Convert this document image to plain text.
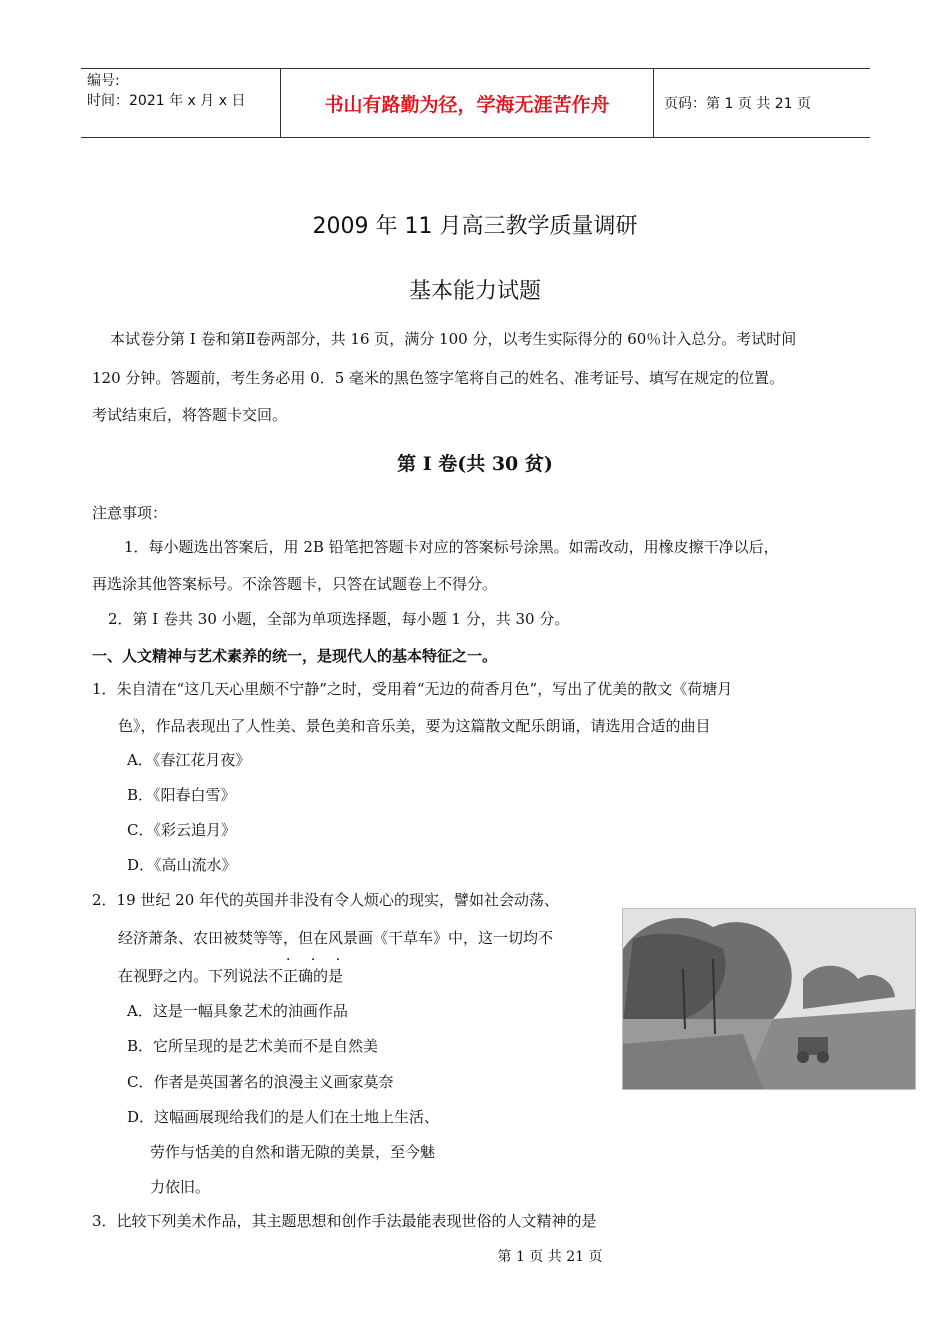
编号:
时间：2021 年 x 月 x 日	书山有路勤为径，学海无涯苦作舟	页码：第 1 页 共 21 页
2009 年 11 月高三教学质量调研
基本能力试题
本试卷分第 I 卷和第Ⅱ卷两部分，共 16 页，满分 100 分，以考生实际得分的 60％计入总分。考试时间
120 分钟。答题前，考生务必用 0．5 毫米的黑色签字笔将自己的姓名、准考证号、填写在规定的位置。
考试结束后，将答题卡交回。
第 I 卷(共 30 贫)
注意事项：
1．每小题选出答案后，用 2B 铅笔把答题卡对应的答案标号涂黑。如需改动，用橡皮擦干净以后，
再选涂其他答案标号。不涂答题卡，只答在试题卷上不得分。
2．第 I 卷共 30 小题，全部为单项选择题，每小题 1 分，共 30 分。
一、人文精神与艺术素养的统一，是现代人的基本特征之一。
1．朱自清在“这几天心里颇不宁静”之时，受用着“无边的荷香月色”，写出了优美的散文《荷塘月
色》，作品表现出了人性美、景色美和音乐美，要为这篇散文配乐朗诵，请选用合适的曲目
A．《春江花月夜》
B．《阳春白雪》
C．《彩云追月》
D．《高山流水》
2．19 世纪 20 年代的英国并非没有令人烦心的现实，譬如社会动荡、
经济萧条、农田被焚等等，但在风景画《干草车》中，这一切均不
· · ·
在视野之内。下列说法不正确的是
A．这是一幅具象艺术的油画作品
B．它所呈现的是艺术美而不是自然美
C．作者是英国著名的浪漫主义画家莫奈
D．这幅画展现给我们的是人们在土地上生活、
劳作与恬美的自然和谐无隙的美景，至今魅
力依旧。
3．比较下列美术作品，其主题思想和创作手法最能表现世俗的人文精神的是
第 1 页 共 21 页
